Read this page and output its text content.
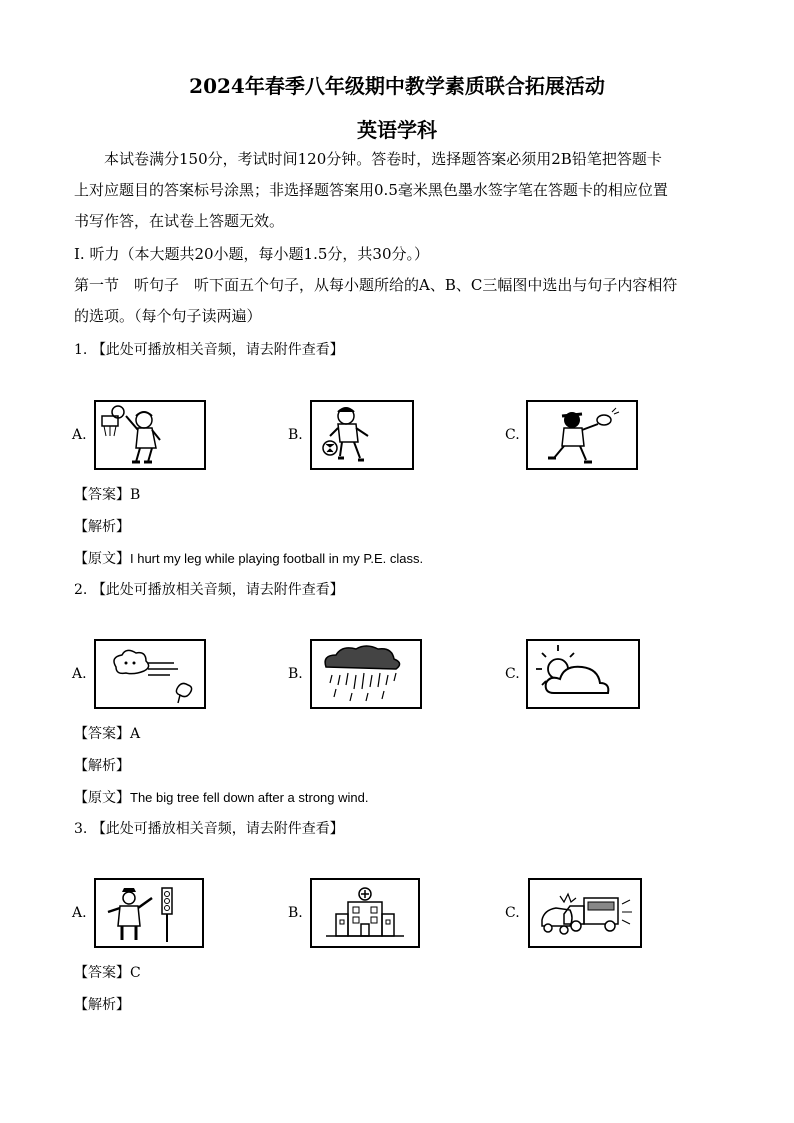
2024年春季八年级期中教学素质联合拓展活动
英语学科
本试卷满分150分，考试时间120分钟。答卷时，选择题答案必须用2B铅笔把答题卡
上对应题目的答案标号涂黑；非选择题答案用0.5毫米黑色墨水签字笔在答题卡的相应位置
书写作答，在试卷上答题无效。
I. 听力（本大题共20小题，每小题1.5分，共30分。）
第一节　听句子　听下面五个句子，从每小题所给的A、B、C三幅图中选出与句子内容相符
的选项。（每个句子读两遍）
1. 【此处可播放相关音频，请去附件查看】
A.	B.	C.
【答案】B
【解析】
【原文】I hurt my leg while playing football in my P.E. class.
2. 【此处可播放相关音频，请去附件查看】
A.	B.	C.
【答案】A
【解析】
【原文】The big tree fell down after a strong wind.
3. 【此处可播放相关音频，请去附件查看】
A.	B.	C.
【答案】C
【解析】
